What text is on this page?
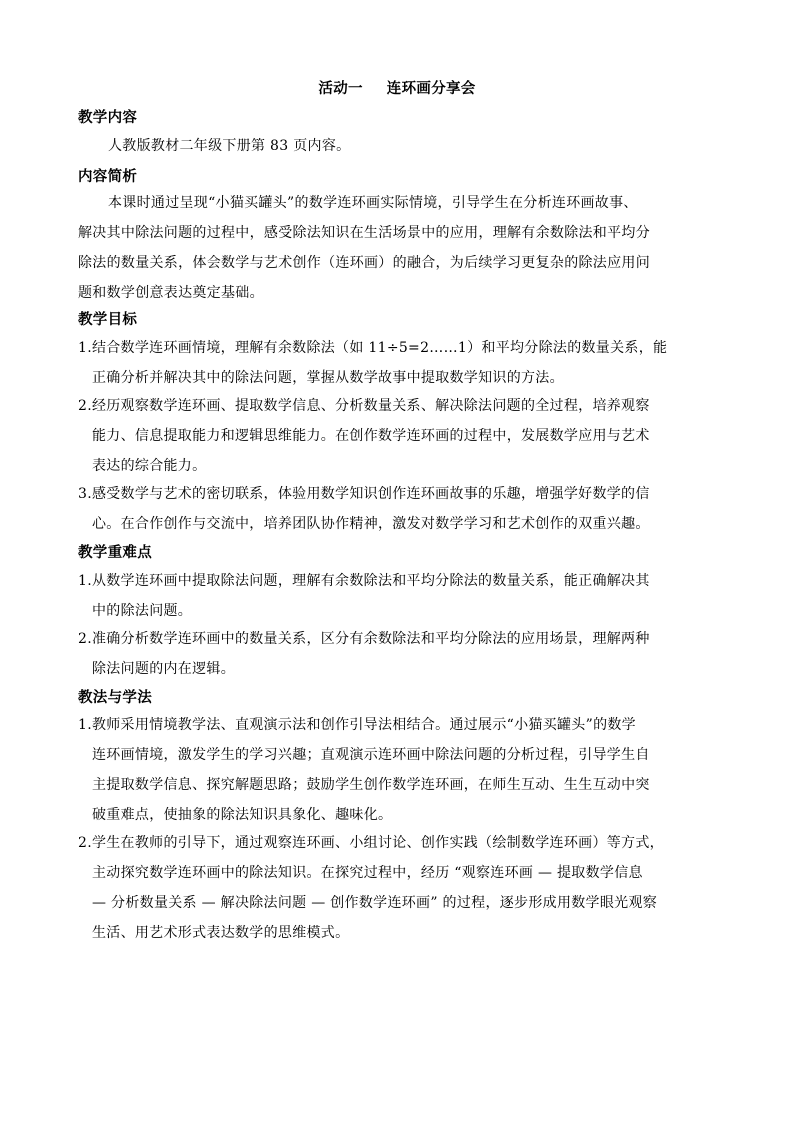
活动一 连环画分享会
教学内容

人教版教材二年级下册第 83 页内容。

内容简析

本课时通过呈现“小猫买罐头”的数学连环画实际情境，引导学生在分析连环画故事、

解决其中除法问题的过程中，感受除法知识在生活场景中的应用，理解有余数除法和平均分

除法的数量关系，体会数学与艺术创作（连环画）的融合，为后续学习更复杂的除法应用问

题和数学创意表达奠定基础。

教学目标
1.结合数学连环画情境，理解有余数除法（如 11÷5=2……1）和平均分除法的数量关系，能
正确分析并解决其中的除法问题，掌握从数学故事中提取数学知识的方法。
2.经历观察数学连环画、提取数学信息、分析数量关系、解决除法问题的全过程，培养观察
能力、信息提取能力和逻辑思维能力。在创作数学连环画的过程中，发展数学应用与艺术
表达的综合能力。
3.感受数学与艺术的密切联系，体验用数学知识创作连环画故事的乐趣，增强学好数学的信
心。在合作创作与交流中，培养团队协作精神，激发对数学学习和艺术创作的双重兴趣。
教学重难点
1.从数学连环画中提取除法问题，理解有余数除法和平均分除法的数量关系，能正确解决其
中的除法问题。
2.准确分析数学连环画中的数量关系，区分有余数除法和平均分除法的应用场景，理解两种
除法问题的内在逻辑。
教法与学法
1.教师采用情境教学法、直观演示法和创作引导法相结合。通过展示“小猫买罐头”的数学
连环画情境，激发学生的学习兴趣；直观演示连环画中除法问题的分析过程，引导学生自
主提取数学信息、探究解题思路；鼓励学生创作数学连环画，在师生互动、生生互动中突
破重难点，使抽象的除法知识具象化、趣味化。
2.学生在教师的引导下，通过观察连环画、小组讨论、创作实践（绘制数学连环画）等方式，
主动探究数学连环画中的除法知识。在探究过程中，经历 “观察连环画 — 提取数学信息
— 分析数量关系 — 解决除法问题 — 创作数学连环画” 的过程，逐步形成用数学眼光观察
生活、用艺术形式表达数学的思维模式。
